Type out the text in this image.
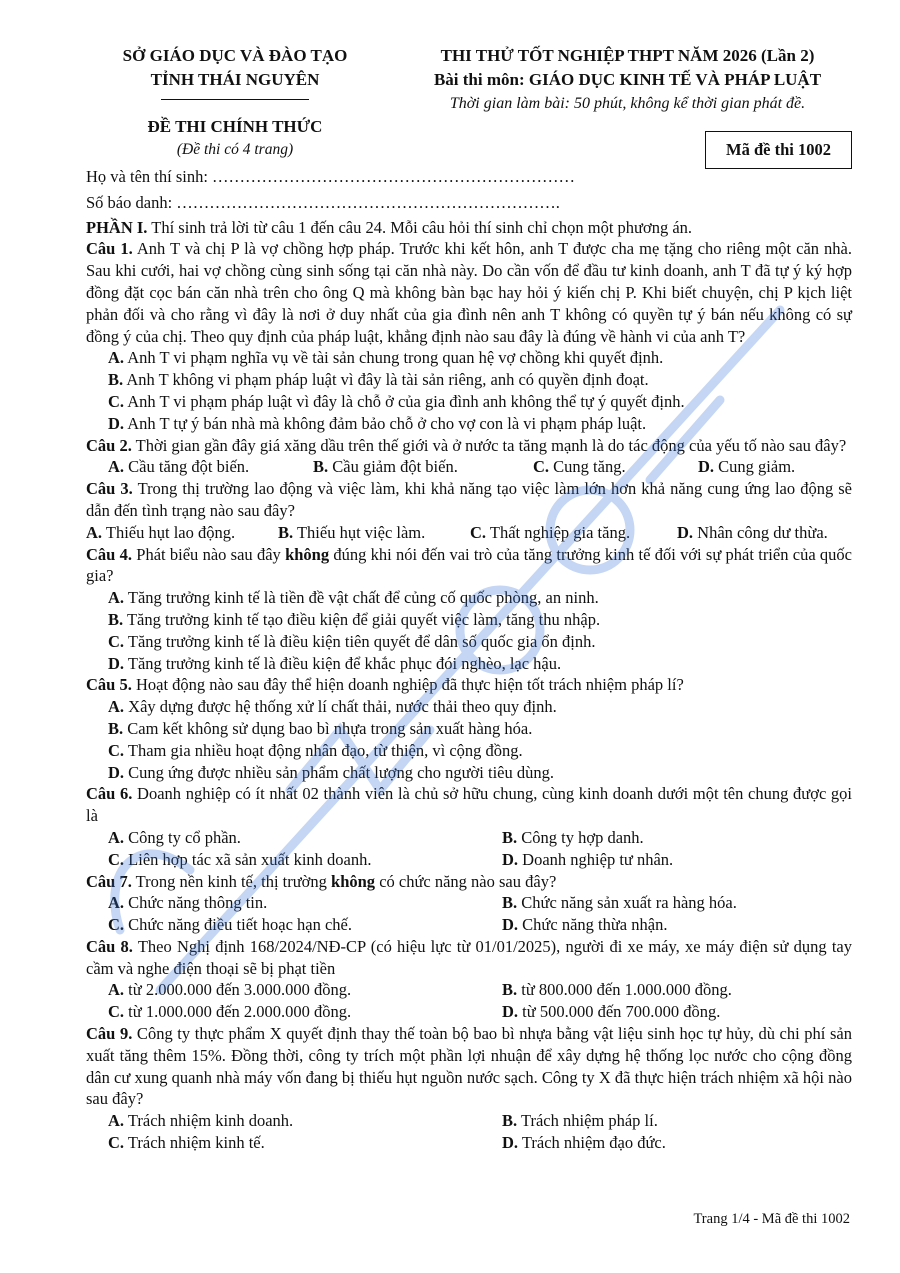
SỞ GIÁO DỤC VÀ ĐÀO TẠO
TỈNH THÁI NGUYÊN
ĐỀ THI CHÍNH THỨC
(Đề thi có 4 trang)
THI THỬ TỐT NGHIỆP THPT NĂM 2026 (Lần 2)
Bài thi môn: GIÁO DỤC KINH TẾ VÀ PHÁP LUẬT
Thời gian làm bài: 50 phút, không kể thời gian phát đề.
Mã đề thi 1002

Họ và tên thí sinh: …………………………………………………………

Số báo danh: …………………………………………………………….

PHẦN I. Thí sinh trả lời từ câu 1 đến câu 24. Mỗi câu hỏi thí sinh chỉ chọn một phương án.

Câu 1. Anh T và chị P là vợ chồng hợp pháp. Trước khi kết hôn, anh T được cha mẹ tặng cho riêng một căn nhà. Sau khi cưới, hai vợ chồng cùng sinh sống tại căn nhà này. Do cần vốn để đầu tư kinh doanh, anh T đã tự ý ký hợp đồng đặt cọc bán căn nhà trên cho ông Q mà không bàn bạc hay hỏi ý kiến chị P. Khi biết chuyện, chị P kịch liệt phản đối và cho rằng vì đây là nơi ở duy nhất của gia đình nên anh T không có quyền tự ý bán nếu không có sự đồng ý của chị. Theo quy định của pháp luật, khẳng định nào sau đây là đúng về hành vi của anh T?

A. Anh T vi phạm nghĩa vụ về tài sản chung trong quan hệ vợ chồng khi quyết định.
B. Anh T không vi phạm pháp luật vì đây là tài sản riêng, anh có quyền định đoạt.
C. Anh T vi phạm pháp luật vì đây là chỗ ở của gia đình anh không thể tự ý quyết định.
D. Anh T tự ý bán nhà mà không đảm bảo chỗ ở cho vợ con là vi phạm pháp luật.

Câu 2. Thời gian gần đây giá xăng dầu trên thế giới và ở nước ta tăng mạnh là do tác động của yếu tố nào sau đây?

A. Cầu tăng đột biến.	B. Cầu giảm đột biến.	C. Cung tăng.	D. Cung giảm.

Câu 3. Trong thị trường lao động và việc làm, khi khả năng tạo việc làm lớn hơn khả năng cung ứng lao động sẽ dẫn đến tình trạng nào sau đây?

A. Thiếu hụt lao động.	B. Thiếu hụt việc làm.	C. Thất nghiệp gia tăng.	D. Nhân công dư thừa.

Câu 4. Phát biểu nào sau đây không đúng khi nói đến vai trò của tăng trưởng kinh tế đối với sự phát triển của quốc gia?

A. Tăng trưởng kinh tế là tiền đề vật chất để củng cố quốc phòng, an ninh.
B. Tăng trưởng kinh tế tạo điều kiện để giải quyết việc làm, tăng thu nhập.
C. Tăng trưởng kinh tế là điều kiện tiên quyết để dân số quốc gia ổn định.
D. Tăng trưởng kinh tế là điều kiện để khắc phục đói nghèo, lạc hậu.

Câu 5. Hoạt động nào sau đây thể hiện doanh nghiệp đã thực hiện tốt trách nhiệm pháp lí?

A. Xây dựng được hệ thống xử lí chất thải, nước thải theo quy định.
B. Cam kết không sử dụng bao bì nhựa trong sản xuất hàng hóa.
C. Tham gia nhiều hoạt động nhân đạo, từ thiện, vì cộng đồng.
D. Cung ứng được nhiều sản phẩm chất lượng cho người tiêu dùng.

Câu 6. Doanh nghiệp có ít nhất 02 thành viên là chủ sở hữu chung, cùng kinh doanh dưới một tên chung được gọi là

A. Công ty cổ phần.	B. Công ty hợp danh.
C. Liên hợp tác xã sản xuất kinh doanh.	D. Doanh nghiệp tư nhân.

Câu 7. Trong nền kinh tế, thị trường không có chức năng nào sau đây?

A. Chức năng thông tin.	B. Chức năng sản xuất ra hàng hóa.
C. Chức năng điều tiết hoạc hạn chế.	D. Chức năng thừa nhận.

Câu 8. Theo Nghị định 168/2024/NĐ-CP (có hiệu lực từ 01/01/2025), người đi xe máy, xe máy điện sử dụng tay cầm và nghe điện thoại sẽ bị phạt tiền

A. từ 2.000.000 đến 3.000.000 đồng.	B. từ 800.000 đến 1.000.000 đồng.
C. từ 1.000.000 đến 2.000.000 đồng.	D. từ 500.000 đến 700.000 đồng.

Câu 9. Công ty thực phẩm X quyết định thay thế toàn bộ bao bì nhựa bằng vật liệu sinh học tự hủy, dù chi phí sản xuất tăng thêm 15%. Đồng thời, công ty trích một phần lợi nhuận để xây dựng hệ thống lọc nước cho cộng đồng dân cư xung quanh nhà máy vốn đang bị thiếu hụt nguồn nước sạch. Công ty X đã thực hiện trách nhiệm xã hội nào sau đây?

A. Trách nhiệm kinh doanh.	B. Trách nhiệm pháp lí.
C. Trách nhiệm kinh tế.	D. Trách nhiệm đạo đức.
Trang 1/4 - Mã đề thi 1002
